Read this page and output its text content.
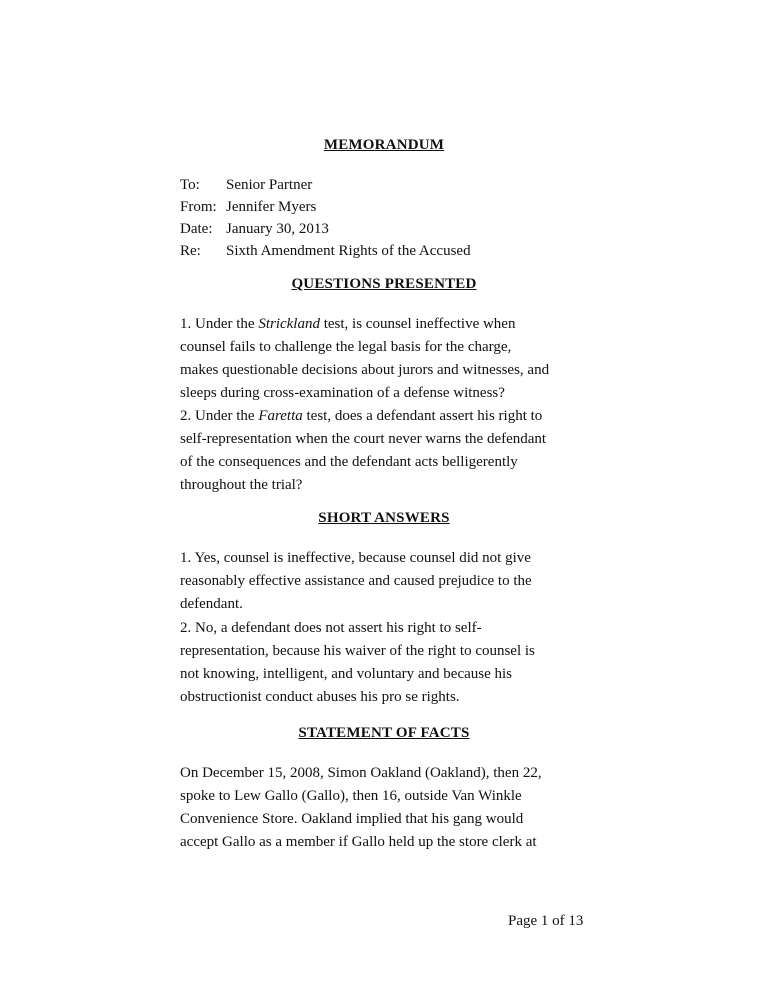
MEMORANDUM
To:	Senior Partner
From: Jennifer Myers
Date: January 30, 2013
Re:	Sixth Amendment Rights of the Accused
QUESTIONS PRESENTED
1. Under the Strickland test, is counsel ineffective when
counsel fails to challenge the legal basis for the charge,
makes questionable decisions about jurors and witnesses, and
sleeps during cross-examination of a defense witness?
2. Under the Faretta test, does a defendant assert his right to
self-representation when the court never warns the defendant
of the consequences and the defendant acts belligerently
throughout the trial?
SHORT ANSWERS
1. Yes, counsel is ineffective, because counsel did not give
reasonably effective assistance and caused prejudice to the
defendant.
2. No, a defendant does not assert his right to self-
representation, because his waiver of the right to counsel is
not knowing, intelligent, and voluntary and because his
obstructionist conduct abuses his pro se rights.
STATEMENT OF FACTS
On December 15, 2008, Simon Oakland (Oakland), then 22,
spoke to Lew Gallo (Gallo), then 16, outside Van Winkle
Convenience Store. Oakland implied that his gang would
accept Gallo as a member if Gallo held up the store clerk at
Page 1 of 13
